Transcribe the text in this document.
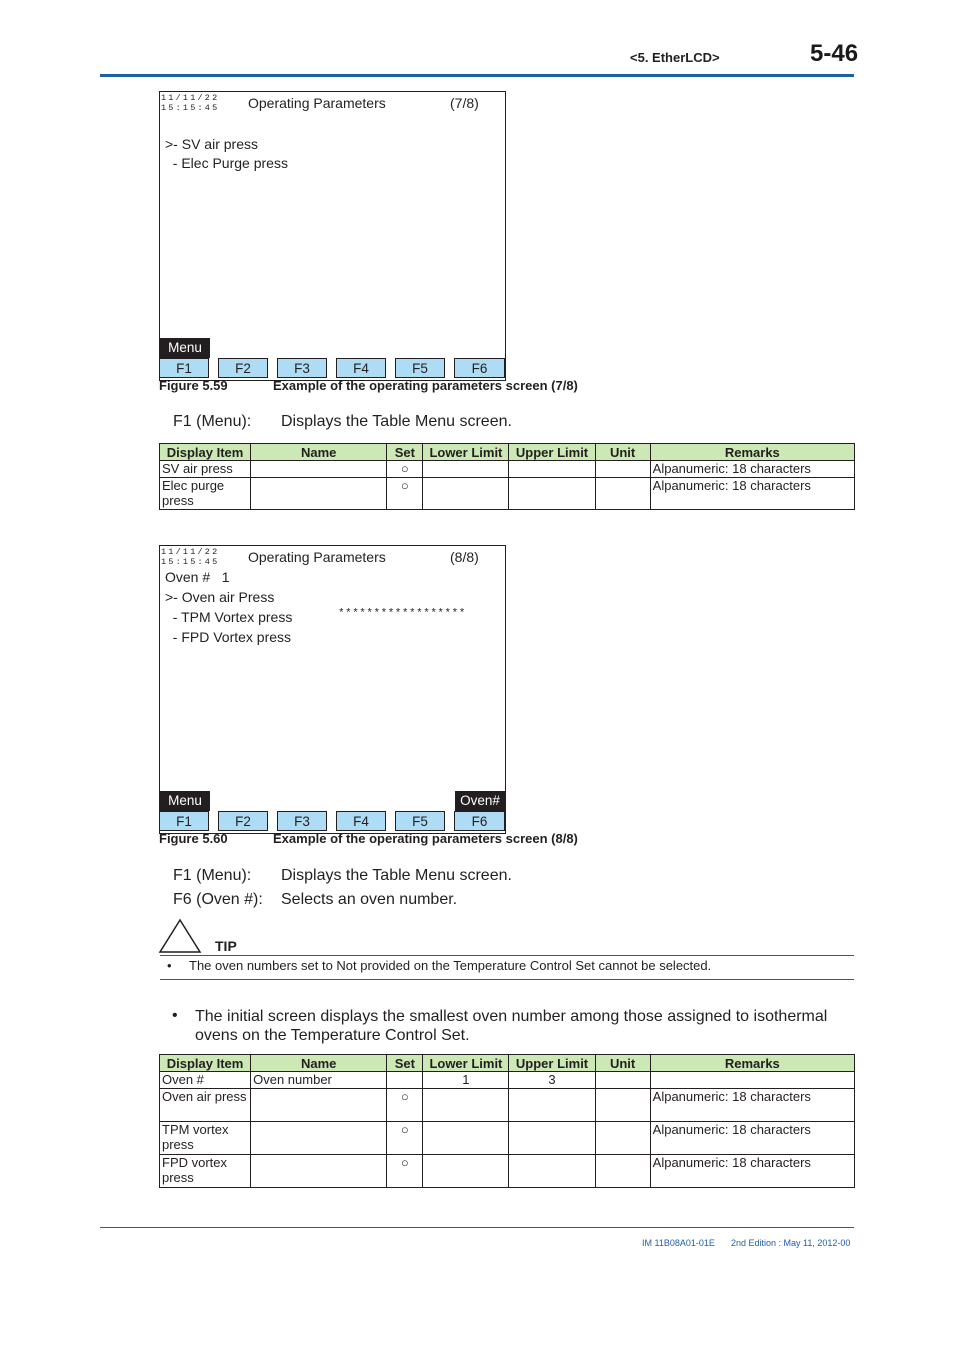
<5. EtherLCD>	5-46
11/11/22
15:15:45 Operating Parameters	(7/8)
>- SV air press
- Elec Purge press
Menu
F1	F2	F3	F4	F5	F6
Figure 5.59	Example of the operating parameters screen (7/8)
F1 (Menu): Displays the Table Menu screen.
Display Item	Name	Set	Lower Limit	Upper Limit	Unit	Remarks
SV air press		○				Alpanumeric: 18 characters
Elec purge press		○				Alpanumeric: 18 characters
11/11/22
15:15:45 Operating Parameters	(8/8)
Oven #   1
>- Oven air Press
- TPM Vortex press	******************
- FPD Vortex press
Menu	Oven#
F1	F2	F3	F4	F5	F6
Figure 5.60	Example of the operating parameters screen (8/8)
F1 (Menu): Displays the Table Menu screen.
F6 (Oven #): Selects an oven number.
TIP
• The oven numbers set to Not provided on the Temperature Control Set cannot be selected.
• The initial screen displays the smallest oven number among those assigned to isothermal ovens on the Temperature Control Set.
Display Item	Name	Set	Lower Limit	Upper Limit	Unit	Remarks
Oven #	Oven number		1	3		
Oven air press		○				Alpanumeric: 18 characters
TPM vortex press		○				Alpanumeric: 18 characters
FPD vortex press		○				Alpanumeric: 18 characters
IM 11B08A01-01E 2nd Edition : May 11, 2012-00
